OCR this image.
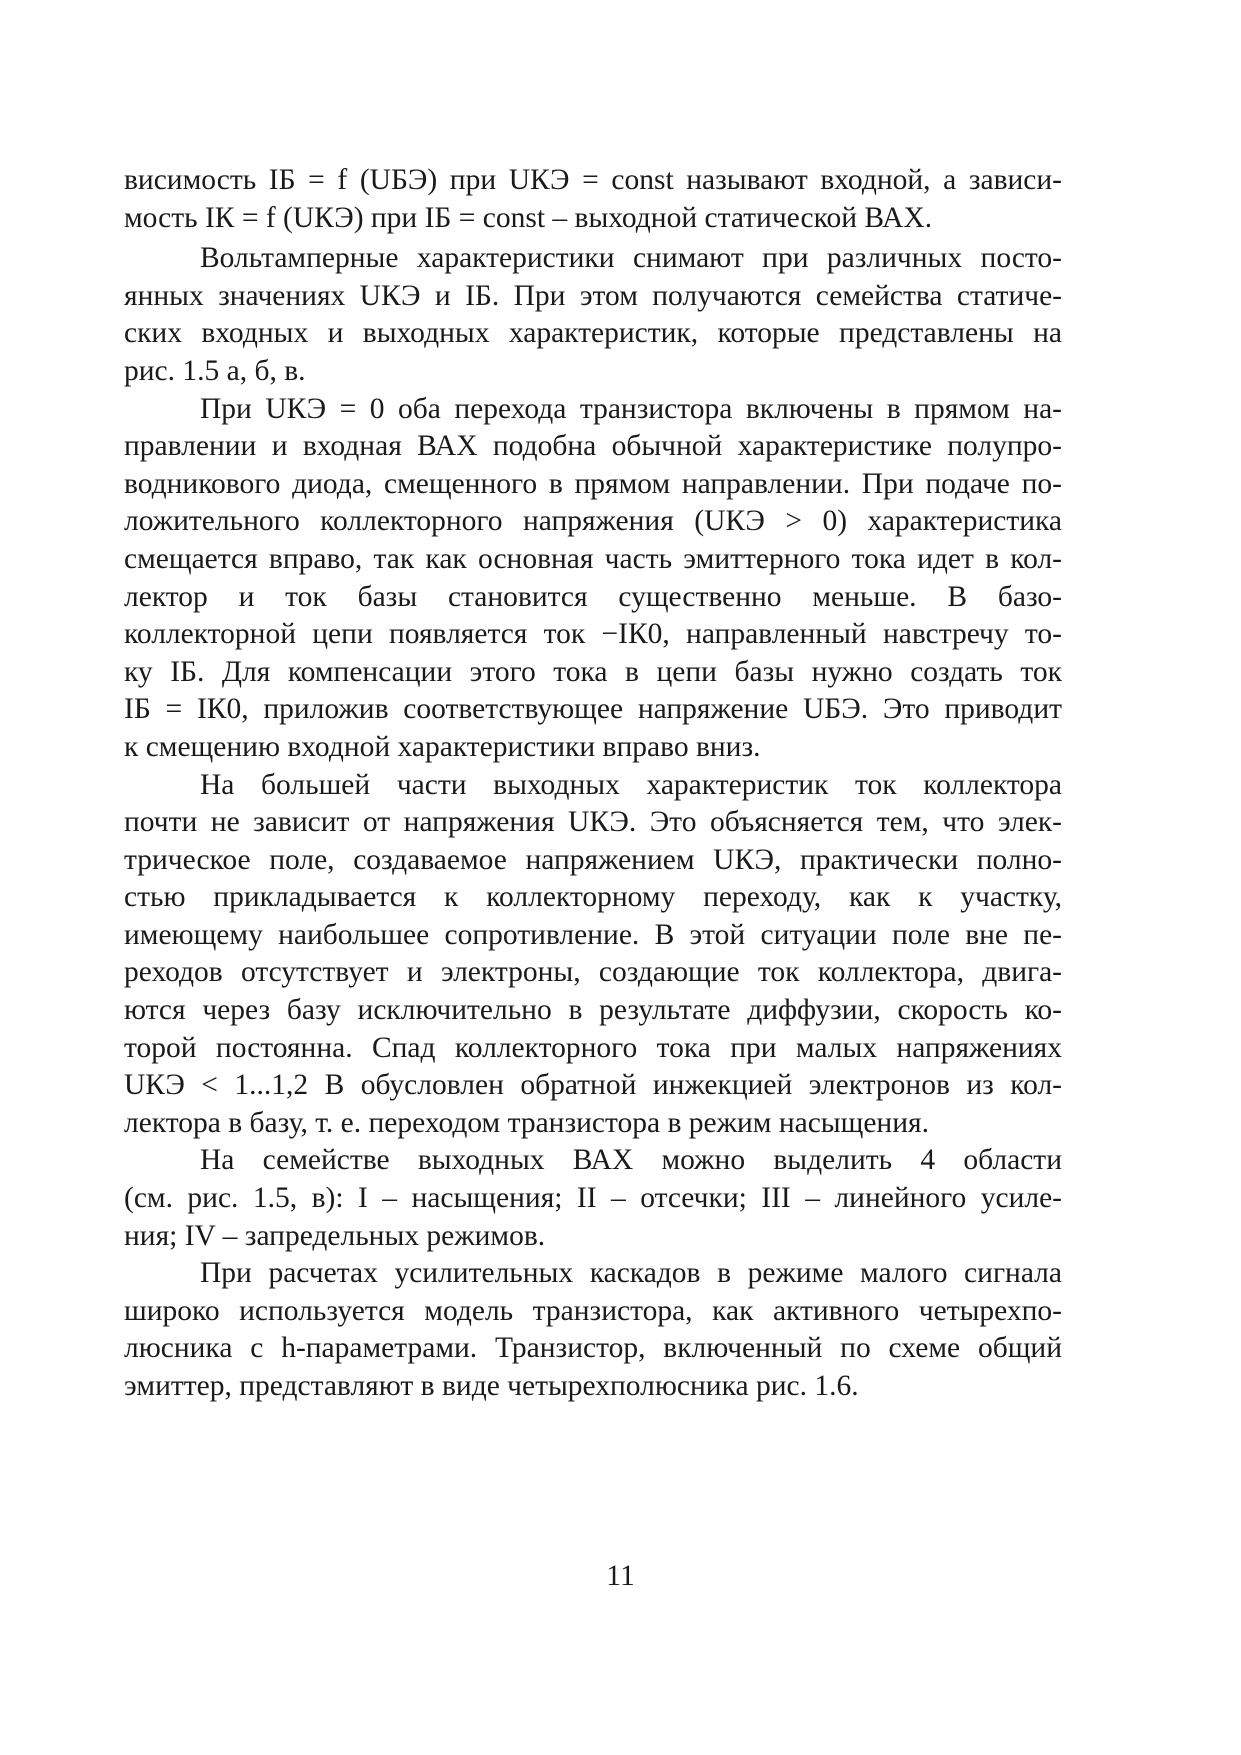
висимость IБ = f (UБЭ) при UКЭ = const называют входной, а зависи-
мость IК = f (UКЭ) при IБ = const – выходной статической ВАХ.
Вольтамперные характеристики снимают при различных посто-
янных значениях UКЭ и IБ. При этом получаются семейства статиче-
ских входных и выходных характеристик, которые представлены на
рис. 1.5 а, б, в.
При UКЭ = 0 оба перехода транзистора включены в прямом на-
правлении и входная ВАХ подобна обычной характеристике полупро-
водникового диода, смещенного в прямом направлении. При подаче по-
ложительного коллекторного напряжения (UКЭ > 0) характеристика
смещается вправо, так как основная часть эмиттерного тока идет в кол-
лектор и ток базы становится существенно меньше. В базо-
коллекторной цепи появляется ток −IК0, направленный навстречу то-
ку IБ. Для компенсации этого тока в цепи базы нужно создать ток
IБ = IК0, приложив соответствующее напряжение UБЭ. Это приводит
к смещению входной характеристики вправо вниз.
На большей части выходных характеристик ток коллектора
почти не зависит от напряжения UКЭ. Это объясняется тем, что элек-
трическое поле, создаваемое напряжением UКЭ, практически полно-
стью прикладывается к коллекторному переходу, как к участку,
имеющему наибольшее сопротивление. В этой ситуации поле вне пе-
реходов отсутствует и электроны, создающие ток коллектора, двига-
ются через базу исключительно в результате диффузии, скорость ко-
торой постоянна. Спад коллекторного тока при малых напряжениях
UКЭ < 1...1,2 В обусловлен обратной инжекцией электронов из кол-
лектора в базу, т. е. переходом транзистора в режим насыщения.
На семействе выходных ВАХ можно выделить 4 области
(см. рис. 1.5, в): I – насыщения; II – отсечки; III – линейного усиле-
ния; IV – запредельных режимов.
При расчетах усилительных каскадов в режиме малого сигнала
широко используется модель транзистора, как активного четырехпо-
люсника с h-параметрами. Транзистор, включенный по схеме общий
эмиттер, представляют в виде четырехполюсника рис. 1.6.
11
